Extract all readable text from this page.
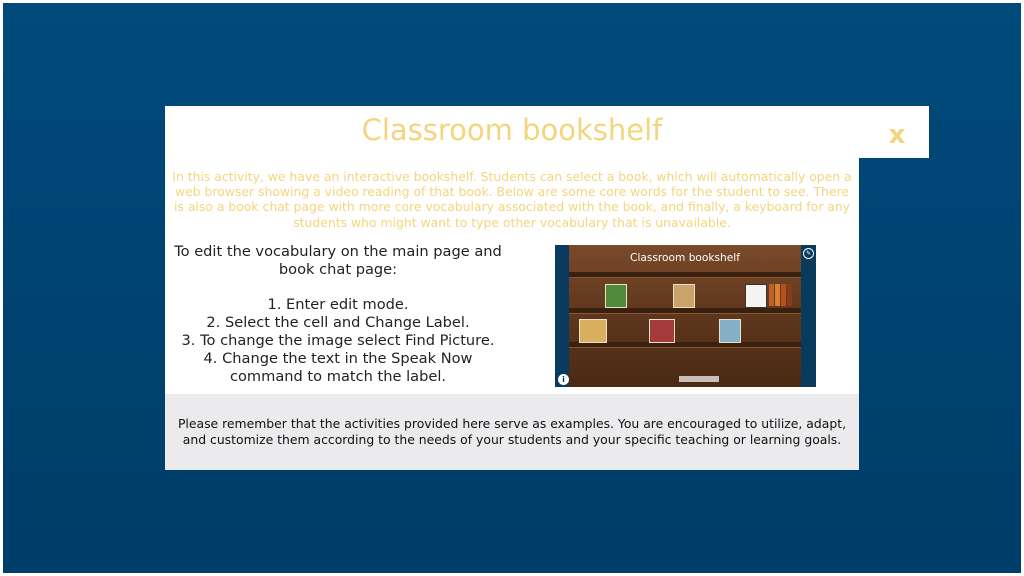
Classroom bookshelf	x
In this activity, we have an interactive bookshelf. Students can select a book, which will automatically open a web browser showing a video reading of that book. Below are some core words for the student to see. There is also a book chat page with more core vocabulary associated with the book, and finally, a keyboard for any students who might want to type other vocabulary that is unavailable.
To edit the vocabulary on the main page and book chat page:
1. Enter edit mode.
2. Select the cell and Change Label.
3. To change the image select Find Picture.
4. Change the text in the Speak Now command to match the label.
Classroom bookshelf
i
✎
Please remember that the activities provided here serve as examples. You are encouraged to utilize, adapt, and customize them according to the needs of your students and your specific teaching or learning goals.
